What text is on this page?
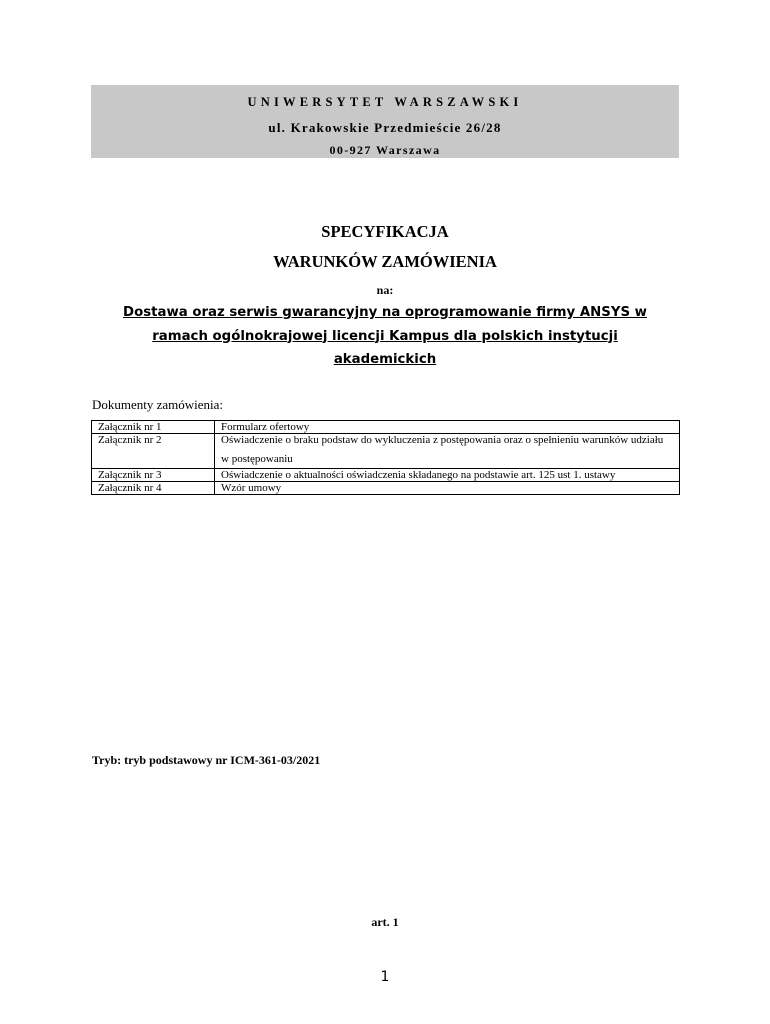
UNIWERSYTET WARSZAWSKI
ul. Krakowskie Przedmieście 26/28
00-927 Warszawa
SPECYFIKACJA
WARUNKÓW ZAMÓWIENIA
na:
Dostawa oraz serwis gwarancyjny na oprogramowanie firmy ANSYS w ramach ogólnokrajowej licencji Kampus dla polskich instytucji akademickich
Dokumenty zamówienia:
Załącznik nr 1	Formularz ofertowy
Załącznik nr 2	Oświadczenie o braku podstaw do wykluczenia z postępowania oraz o spełnieniu warunków udziału
w postępowaniu

Załącznik nr 3	Oświadczenie o aktualności oświadczenia składanego na podstawie art. 125 ust 1. ustawy
Załącznik nr 4	Wzór umowy
Tryb: tryb podstawowy nr ICM-361-03/2021
art. 1
1
